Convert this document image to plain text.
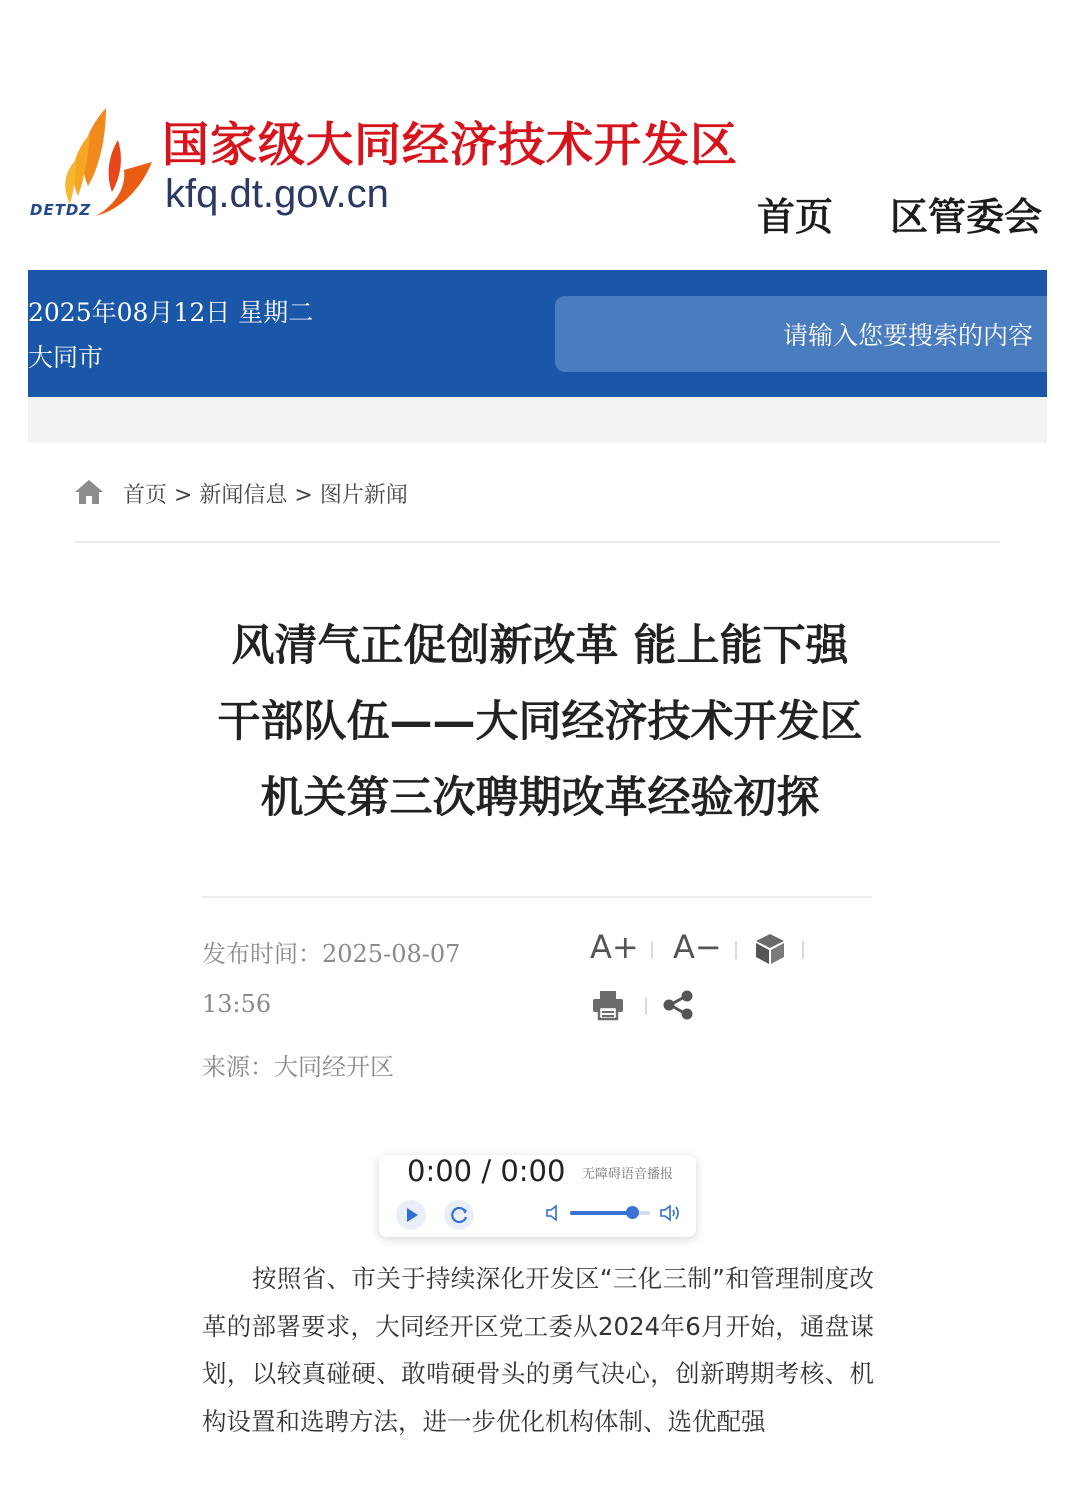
DETDZ
国家级大同经济技术开发区
kfq.dt.gov.cn
首页 区管委会
2025年08月12日 星期二
大同市
请输入您要搜索的内容
首页 > 新闻信息 > 图片新闻
风清气正促创新改革 能上能下强
干部队伍——大同经济技术开发区
机关第三次聘期改革经验初探
发布时间：2025-08-07
13:56
来源：大同经开区
A+ A−
0:00 / 0:00 无障碍语音播报
按照省、市关于持续深化开发区“三化三制”和管理制度改革的部署要求，大同经开区党工委从2024年6月开始，通盘谋划，以较真碰硬、敢啃硬骨头的勇气决心，创新聘期考核、机构设置和选聘方法，进一步优化机构体制、选优配强
